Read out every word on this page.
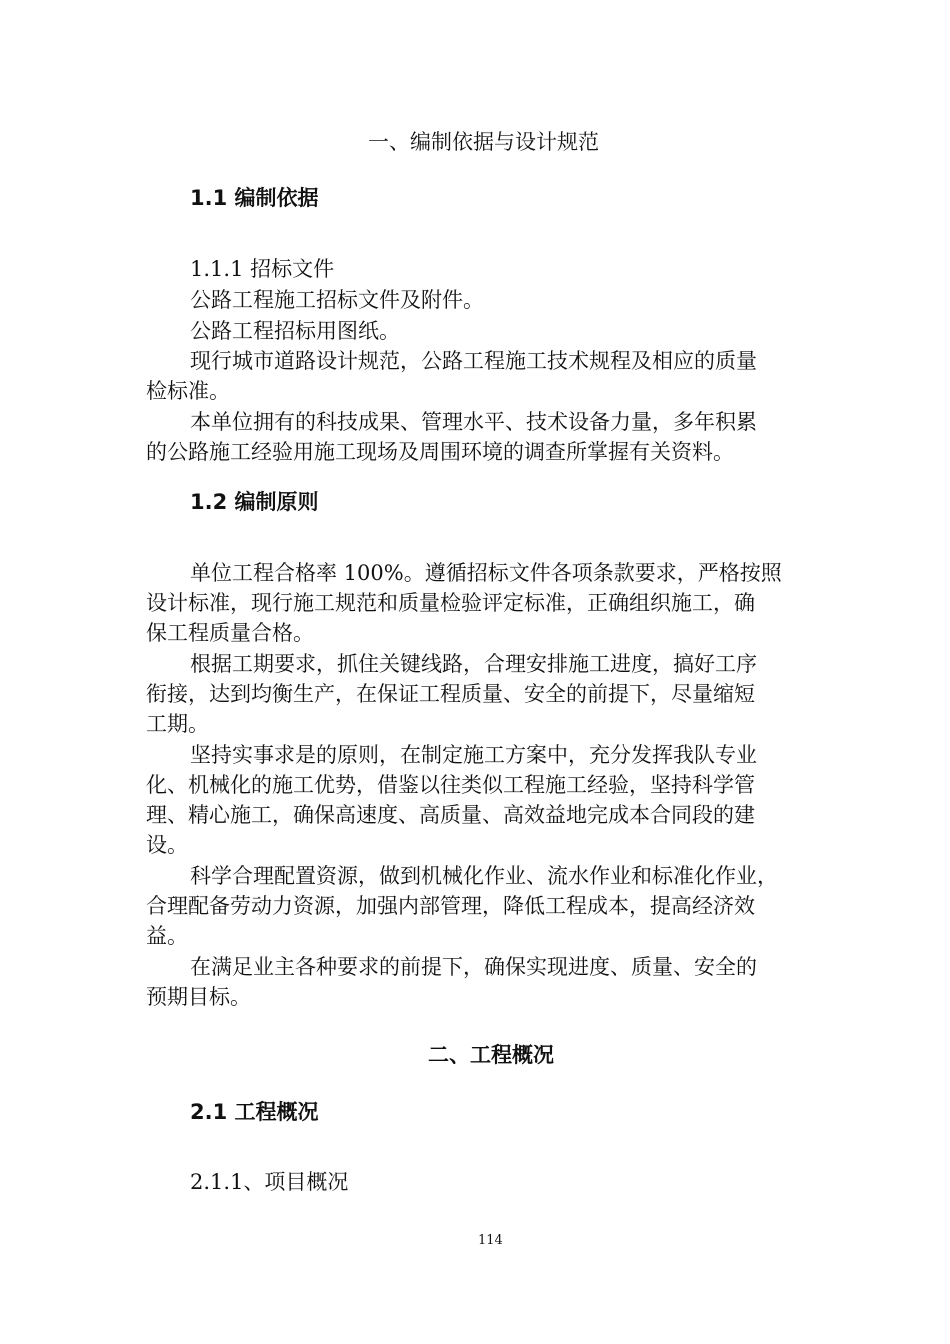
一、编制依据与设计规范
1.1 编制依据
1.1.1 招标文件
公路工程施工招标文件及附件。
公路工程招标用图纸。
现行城市道路设计规范，公路工程施工技术规程及相应的质量
检标准。
本单位拥有的科技成果、管理水平、技术设备力量，多年积累
的公路施工经验用施工现场及周围环境的调查所掌握有关资料。
1.2 编制原则
单位工程合格率 100%。遵循招标文件各项条款要求，严格按照
设计标准，现行施工规范和质量检验评定标准，正确组织施工，确
保工程质量合格。
根据工期要求，抓住关键线路，合理安排施工进度，搞好工序
衔接，达到均衡生产，在保证工程质量、安全的前提下，尽量缩短
工期。
坚持实事求是的原则，在制定施工方案中，充分发挥我队专业
化、机械化的施工优势，借鉴以往类似工程施工经验，坚持科学管
理、精心施工，确保高速度、高质量、高效益地完成本合同段的建
设。
科学合理配置资源，做到机械化作业、流水作业和标准化作业，
合理配备劳动力资源，加强内部管理，降低工程成本，提高经济效
益。
在满足业主各种要求的前提下，确保实现进度、质量、安全的
预期目标。
二、工程概况
2.1 工程概况
2.1.1、项目概况
114
